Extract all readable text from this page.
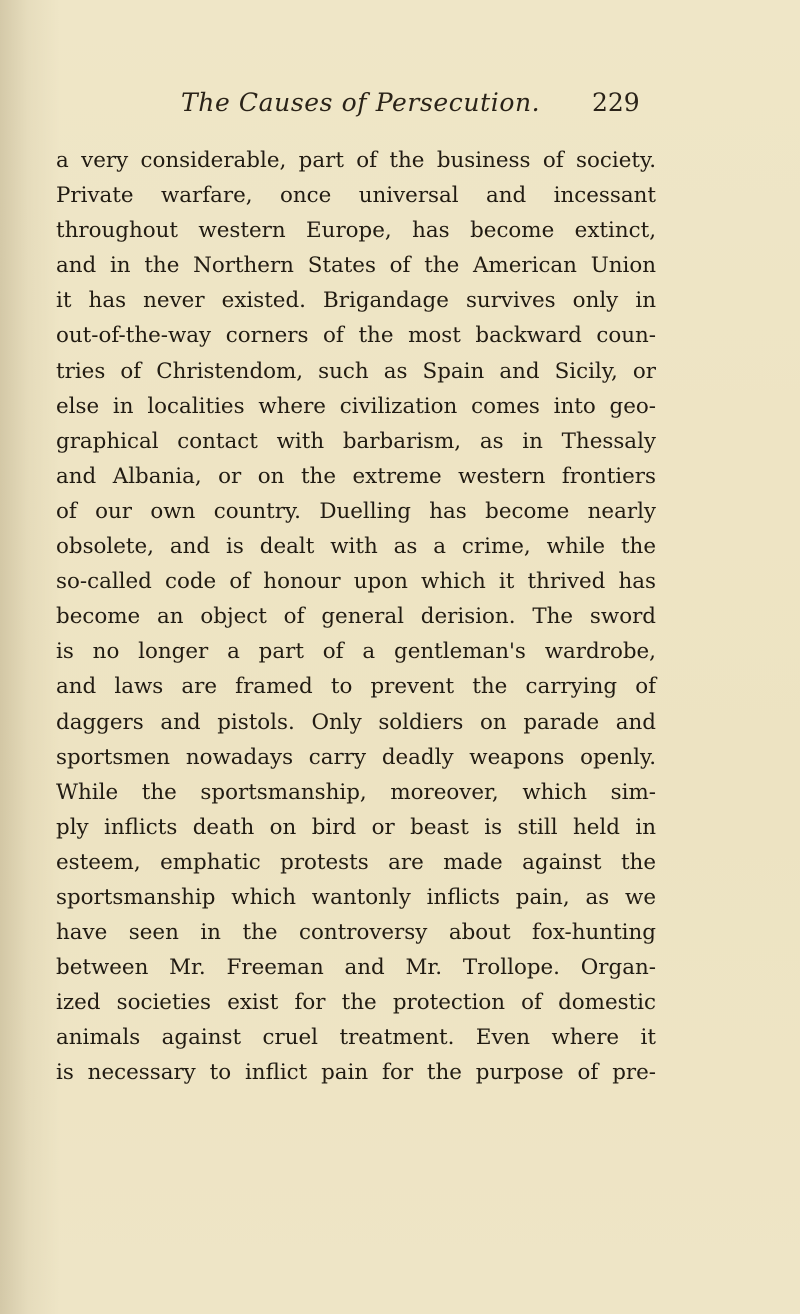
The Causes of Persecution. 229
a very considerable, part of the business of society.
Private warfare, once universal and incessant
throughout western Europe, has become extinct,
and in the Northern States of the American Union
it has never existed. Brigandage survives only in
out-of-the-way corners of the most backward coun-
tries of Christendom, such as Spain and Sicily, or
else in localities where civilization comes into geo-
graphical contact with barbarism, as in Thessaly
and Albania, or on the extreme western frontiers
of our own country. Duelling has become nearly
obsolete, and is dealt with as a crime, while the
so-called code of honour upon which it thrived has
become an object of general derision. The sword
is no longer a part of a gentleman's wardrobe,
and laws are framed to prevent the carrying of
daggers and pistols. Only soldiers on parade and
sportsmen nowadays carry deadly weapons openly.
While the sportsmanship, moreover, which sim-
ply inflicts death on bird or beast is still held in
esteem, emphatic protests are made against the
sportsmanship which wantonly inflicts pain, as we
have seen in the controversy about fox-hunting
between Mr. Freeman and Mr. Trollope. Organ-
ized societies exist for the protection of domestic
animals against cruel treatment. Even where it
is necessary to inflict pain for the purpose of pre-
